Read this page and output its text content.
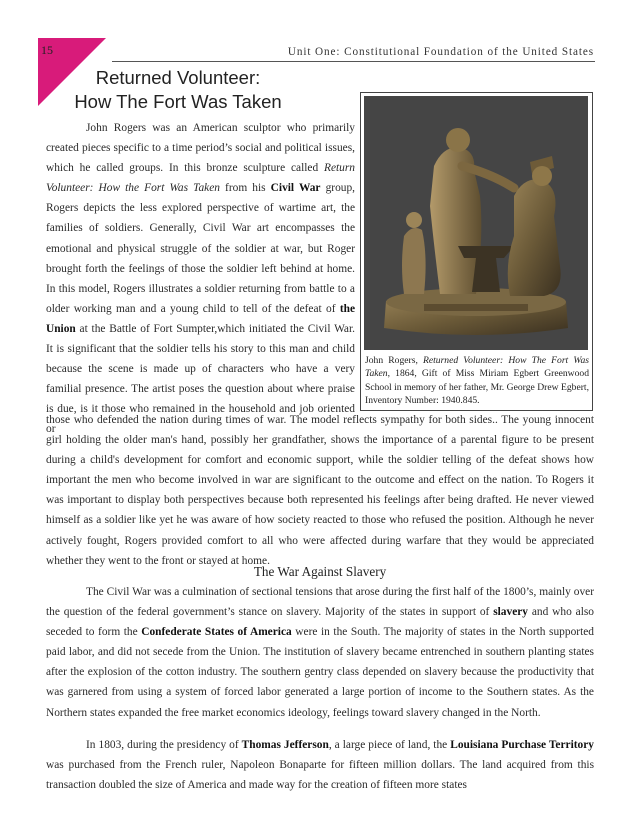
15	Unit One: Constitutional Foundation of the United States
Returned Volunteer:
How The Fort Was Taken
John Rogers was an American sculptor who primarily created pieces specific to a time period’s social and political issues, which he called groups. In this bronze sculpture called Return Volunteer: How the Fort Was Taken from his Civil War group, Rogers depicts the less explored perspective of wartime art, the families of soldiers. Generally, Civil War art encompasses the emotional and physical struggle of the soldier at war, but Roger brought forth the feelings of those the soldier left behind at home. In this model, Rogers illustrates a soldier returning from battle to a older working man and a young child to tell of the defeat of the Union at the Battle of Fort Sumpter,which initiated the Civil War. It is significant that the soldier tells his story to this man and child because the scene is made up of characters who have a very familial presence. The artist poses the question about where praise is due, is it those who remained in the household and job oriented or
John Rogers, Returned Volunteer: How The Fort Was Taken, 1864, Gift of Miss Miriam Egbert Greenwood School in memory of her father, Mr. George Drew Egbert, Inventory Number: 1940.845.
those who defended the nation during times of war. The model reflects sympathy for both sides.. The young innocent girl holding the older man's hand, possibly her grandfather, shows the importance of a parental figure to be present during a child's development for comfort and economic support, while the soldier telling of the defeat shows how important the men who become involved in war are significant to the outcome and effect on the nation. To Rogers it was important to display both perspectives because both represented his feelings after being drafted. He never viewed himself as a soldier like yet he was aware of how society reacted to those who refused the position. Although he never actively fought, Rogers provided comfort to all who were affected during warfare that they would be appreciated whether they went to the front or stayed at home.
The War Against Slavery
The Civil War was a culmination of sectional tensions that arose during the first half of the 1800’s, mainly over the question of the federal government’s stance on slavery. Majority of the states in support of slavery and who also seceded to form the Confederate States of America were in the South. The majority of states in the North supported paid labor, and did not secede from the Union. The institution of slavery became entrenched in southern planting states after the explosion of the cotton industry. The southern gentry class depended on slavery because the productivity that was garnered from using a system of forced labor generated a large portion of income to the Southern states. As the Northern states expanded the free market economics ideology, feelings toward slavery changed in the North.
In 1803, during the presidency of Thomas Jefferson, a large piece of land, the Louisiana Purchase Territory was purchased from the French ruler, Napoleon Bonaparte for fifteen million dollars. The land acquired from this transaction doubled the size of America and made way for the creation of fifteen more states
